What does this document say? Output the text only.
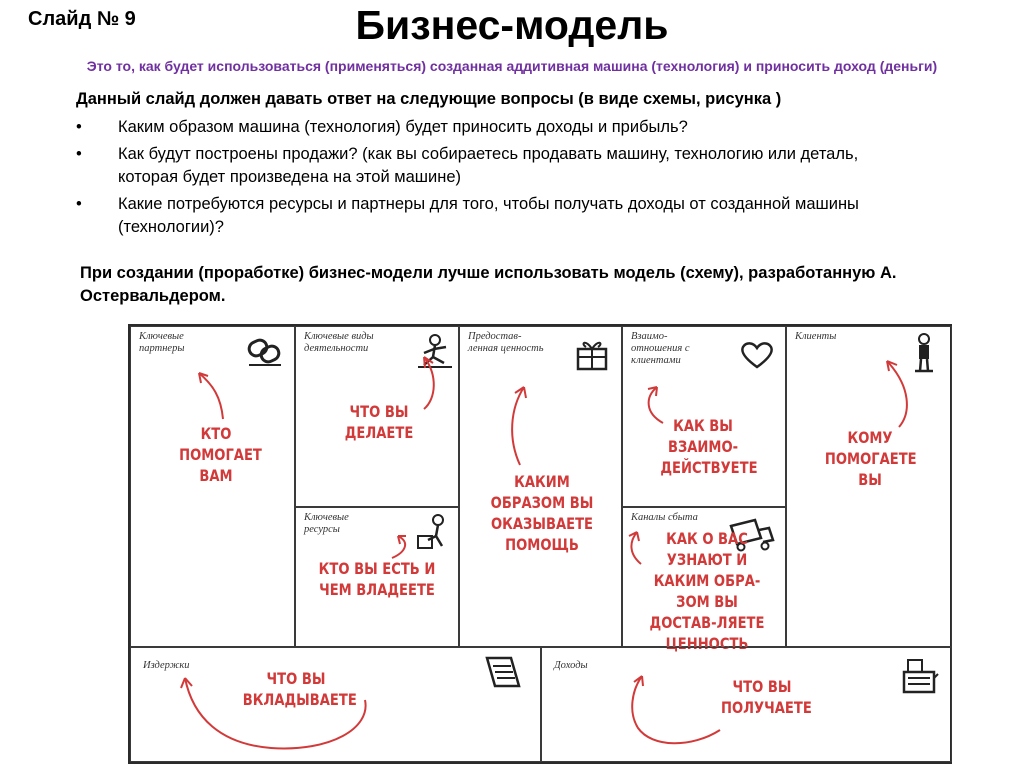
Слайд № 9	Бизнес-модель
Это то, как будет использоваться (применяться) созданная аддитивная машина (технология) и приносить доход (деньги)
Данный слайд должен давать ответ на следующие вопросы (в виде схемы, рисунка )
• Каким образом машина (технология) будет приносить доходы и прибыль?
• Как будут построены продажи? (как вы собираетесь продавать машину, технологию или деталь, которая будет произведена на этой машине)
• Какие потребуются ресурсы и партнеры для того, чтобы получать доходы от созданной машины (технологии)?
При создании (проработке) бизнес-модели лучше использовать модель (схему), разработанную А. Остервальдером.
Ключевые партнеры
КТО ПОМОГАЕТ ВАМ
Ключевые виды деятельности
ЧТО ВЫ ДЕЛАЕТЕ
Ключевые ресурсы
КТО ВЫ ЕСТЬ И ЧЕМ ВЛАДЕЕТЕ
Предостав-ленная ценность
КАКИМ ОБРАЗОМ ВЫ ОКАЗЫВАЕТЕ ПОМОЩЬ
Взаимо-отношения с клиентами
КАК ВЫ ВЗАИМО-ДЕЙСТВУЕТЕ
Каналы сбыта
КАК О ВАС УЗНАЮТ И КАКИМ ОБРА-ЗОМ ВЫ ДОСТАВ-ЛЯЕТЕ ЦЕННОСТЬ
Клиенты
КОМУ ПОМОГАЕТЕ ВЫ
Издержки
ЧТО ВЫ ВКЛАДЫВАЕТЕ
Доходы
ЧТО ВЫ ПОЛУЧАЕТЕ
